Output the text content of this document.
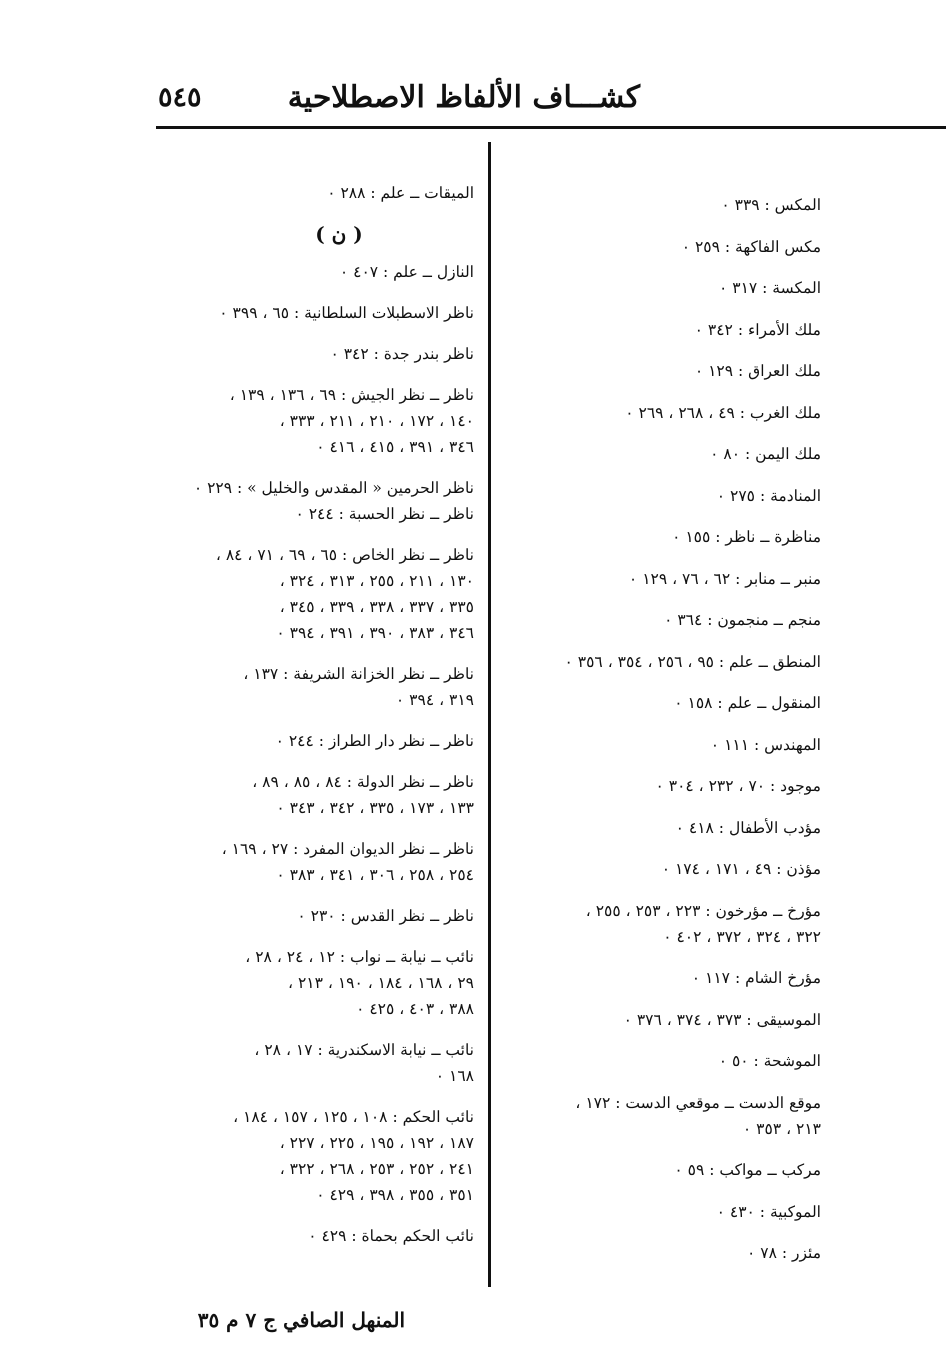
٥٤٥	كشـــاف الألفاظ الاصطلاحية
المكس : ٣٣٩ ٠
مكس الفاكهة : ٢٥٩ ٠
المكسة : ٣١٧ ٠
ملك الأمراء : ٣٤٢ ٠
ملك العراق : ١٢٩ ٠
ملك الغرب : ٤٩ ، ٢٦٨ ، ٢٦٩ ٠
ملك اليمن : ٨٠ ٠
المنادمة : ٢٧٥ ٠
مناظرة ــ ناظر : ١٥٥ ٠
منبر ــ منابر : ٦٢ ، ٧٦ ، ١٢٩ ٠
منجم ــ منجمون : ٣٦٤ ٠
المنطق ــ علم : ٩٥ ، ٢٥٦ ، ٣٥٤ ، ٣٥٦ ٠
المنقول ــ علم : ١٥٨ ٠
المهندس : ١١١ ٠
موجود : ٧٠ ، ٢٣٢ ، ٣٠٤ ٠
مؤدب الأطفال : ٤١٨ ٠
مؤذن : ٤٩ ، ١٧١ ، ١٧٤ ٠
مؤرخ ــ مؤرخون : ٢٢٣ ، ٢٥٣ ، ٢٥٥ ،
٣٢٢ ، ٣٢٤ ، ٣٧٢ ، ٤٠٢ ٠
مؤرخ الشام : ١١٧ ٠
الموسيقى : ٣٧٣ ، ٣٧٤ ، ٣٧٦ ٠
الموشحة : ٥٠ ٠
موقع الدست ــ موقعي الدست : ١٧٢ ،
٢١٣ ، ٣٥٣ ٠
مركب ــ مواكب : ٥٩ ٠
الموكبية : ٤٣٠ ٠
مئزر : ٧٨ ٠
الميقات ــ علم : ٢٨٨ ٠
( ن )
النازل ــ علم : ٤٠٧ ٠
ناظر الاسطبلات السلطانية : ٦٥ ، ٣٩٩ ٠
ناظر بندر جدة : ٣٤٢ ٠
ناظر ــ نظر الجيش : ٦٩ ، ١٣٦ ، ١٣٩ ،
١٤٠ ، ١٧٢ ، ٢١٠ ، ٢١١ ، ٣٣٣ ،
٣٤٦ ، ٣٩١ ، ٤١٥ ، ٤١٦ ٠
ناظر الحرمين « المقدس والخليل » : ٢٢٩ ٠
ناظر ــ نظر الحسبة : ٢٤٤ ٠
ناظر ــ نظر الخاص : ٦٥ ، ٦٩ ، ٧١ ، ٨٤ ،
١٣٠ ، ٢١١ ، ٢٥٥ ، ٣١٣ ، ٣٢٤ ،
٣٣٥ ، ٣٣٧ ، ٣٣٨ ، ٣٣٩ ، ٣٤٥ ،
٣٤٦ ، ٣٨٣ ، ٣٩٠ ، ٣٩١ ، ٣٩٤ ٠
ناظر ــ نظر الخزانة الشريفة : ١٣٧ ،
٣١٩ ، ٣٩٤ ٠
ناظر ــ نظر دار الطراز : ٢٤٤ ٠
ناظر ــ نظر الدولة : ٨٤ ، ٨٥ ، ٨٩ ،
١٣٣ ، ١٧٣ ، ٣٣٥ ، ٣٤٢ ، ٣٤٣ ٠
ناظر ــ نظر الديوان المفرد : ٢٧ ، ١٦٩ ،
٢٥٤ ، ٢٥٨ ، ٣٠٦ ، ٣٤١ ، ٣٨٣ ٠
ناظر ــ نظر القدس : ٢٣٠ ٠
نائب ــ نيابة ــ نواب : ١٢ ، ٢٤ ، ٢٨ ،
٢٩ ، ١٦٨ ، ١٨٤ ، ١٩٠ ، ٢١٣ ،
٣٨٨ ، ٤٠٣ ، ٤٢٥ ٠
نائب ــ نيابة الاسكندرية : ١٧ ، ٢٨ ،
١٦٨ ٠
نائب الحكم : ١٠٨ ، ١٢٥ ، ١٥٧ ، ١٨٤ ،
١٨٧ ، ١٩٢ ، ١٩٥ ، ٢٢٥ ، ٢٢٧ ،
٢٤١ ، ٢٥٢ ، ٢٥٣ ، ٢٦٨ ، ٣٢٢ ،
٣٥١ ، ٣٥٥ ، ٣٩٨ ، ٤٢٩ ٠
نائب الحكم بحماة : ٤٢٩ ٠
المنهل الصافي ج ٧ م ٣٥
